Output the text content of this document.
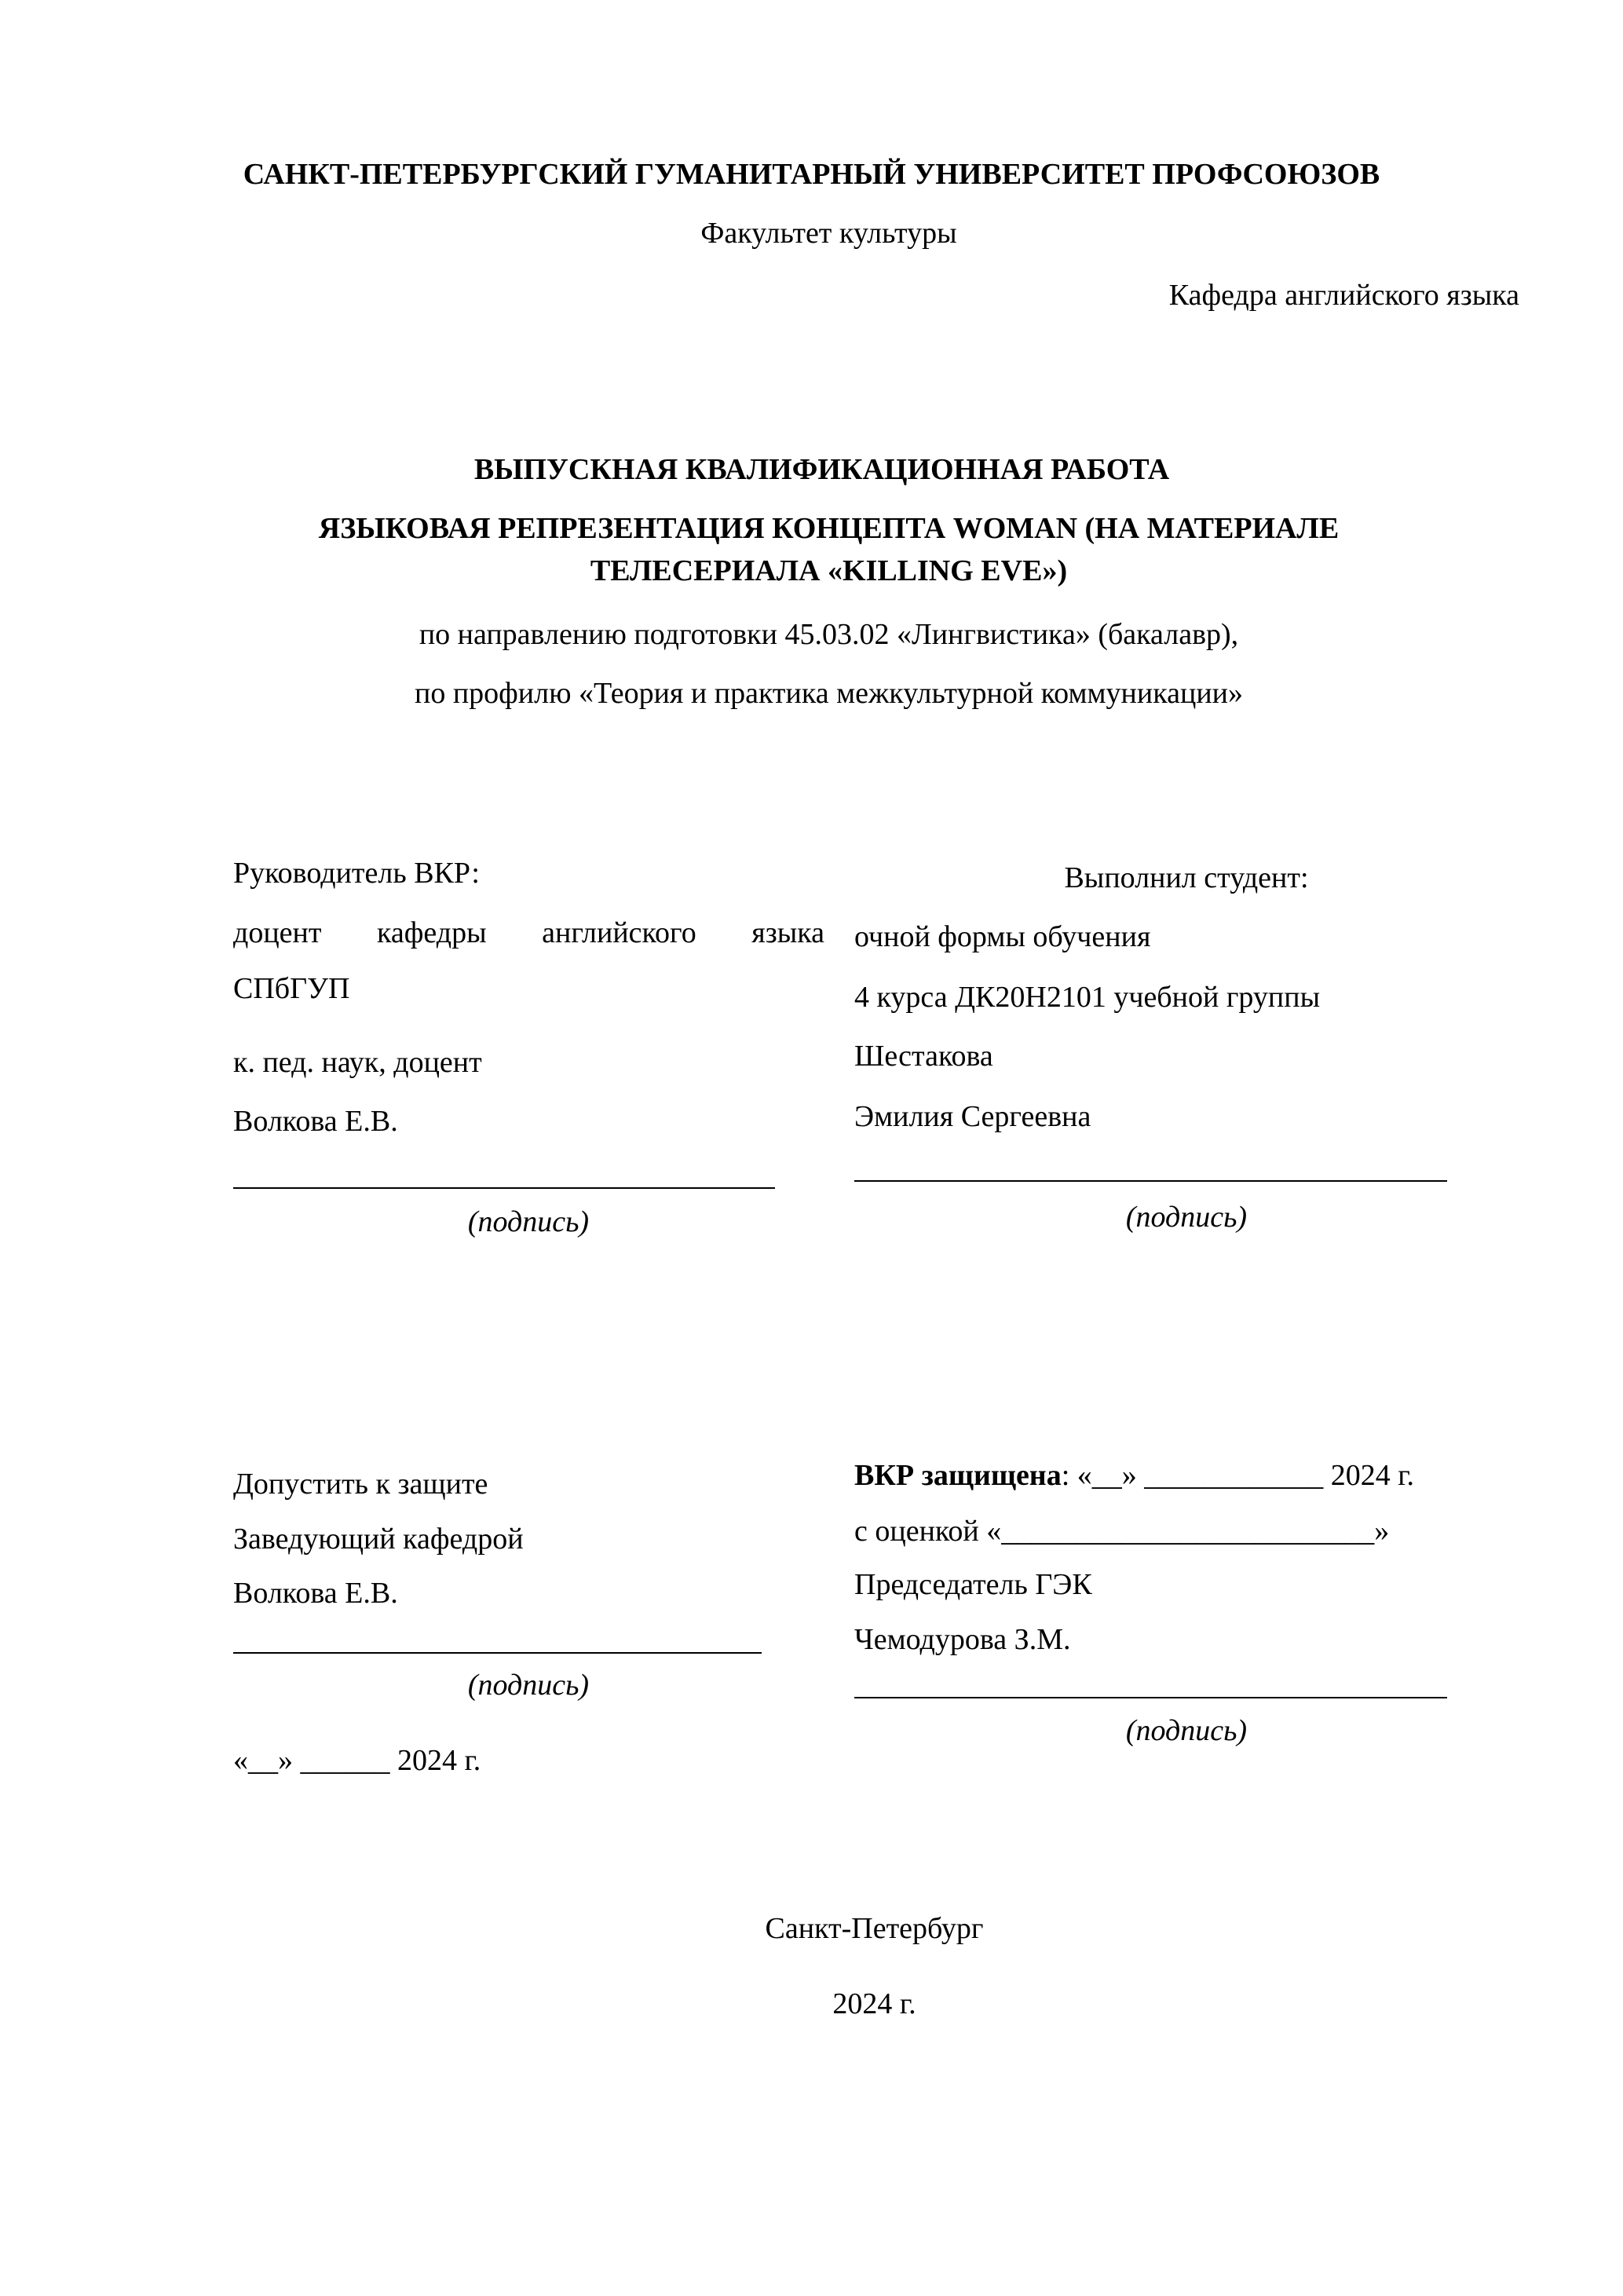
САНКТ-ПЕТЕРБУРГСКИЙ ГУМАНИТАРНЫЙ УНИВЕРСИТЕТ ПРОФСОЮЗОВ
Факультет культуры
Кафедра английского языка
ВЫПУСКНАЯ КВАЛИФИКАЦИОННАЯ РАБОТА
ЯЗЫКОВАЯ РЕПРЕЗЕНТАЦИЯ КОНЦЕПТА WOMAN (НА МАТЕРИАЛЕ
ТЕЛЕСЕРИАЛА «KILLING EVE»)
по направлению подготовки 45.03.02 «Лингвистика» (бакалавр),
по профилю «Теория и практика межкультурной коммуникации»
Руководитель ВКР:
доцент кафедры английского языка
СПбГУП
к. пед. наук, доцент
Волкова Е.В.
(подпись)
Выполнил студент:
очной формы обучения
4 курса ДК20Н2101 учебной группы
Шестакова
Эмилия Сергеевна
(подпись)
Допустить к защите
Заведующий кафедрой
Волкова Е.В.
(подпись)
«__» ______ 2024 г.
ВКР защищена: «__» ____________ 2024 г.
с оценкой «_________________________»
Председатель ГЭК
Чемодурова З.М.
(подпись)
Санкт-Петербург
2024 г.
